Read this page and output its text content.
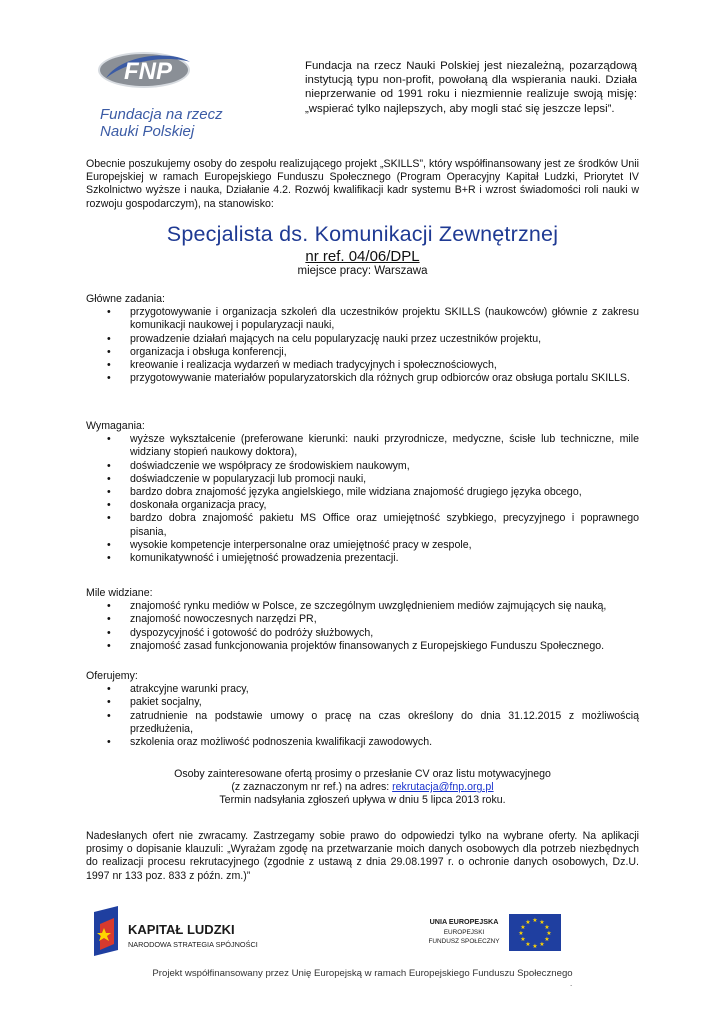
FNP
Fundacja na rzecz
Nauki Polskiej
Fundacja na rzecz Nauki Polskiej jest niezależną, pozarządową instytucją typu non-profit, powołaną dla wspierania nauki. Działa nieprzerwanie od 1991 roku i niezmiennie realizuje swoją misję: „wspierać tylko najlepszych, aby mogli stać się jeszcze lepsi”.
Obecnie poszukujemy osoby do zespołu realizującego projekt „SKILLS”, który współfinansowany jest ze środków Unii Europejskiej w ramach Europejskiego Funduszu Społecznego (Program Operacyjny Kapitał Ludzki, Priorytet IV Szkolnictwo wyższe i nauka, Działanie 4.2. Rozwój kwalifikacji kadr systemu B+R i wzrost świadomości roli nauki w rozwoju gospodarczym), na stanowisko:
Specjalista ds. Komunikacji Zewnętrznej
nr ref. 04/06/DPL
miejsce pracy: Warszawa
Główne zadania:
• przygotowywanie i organizacja szkoleń dla uczestników projektu SKILLS (naukowców) głównie z zakresu komunikacji naukowej i popularyzacji nauki,
• prowadzenie działań mających na celu popularyzację nauki przez uczestników projektu,
• organizacja i obsługa konferencji,
• kreowanie i realizacja wydarzeń w mediach tradycyjnych i społecznościowych,
• przygotowywanie materiałów popularyzatorskich dla różnych grup odbiorców oraz obsługa portalu SKILLS.
Wymagania:
• wyższe wykształcenie (preferowane kierunki: nauki przyrodnicze, medyczne, ścisłe lub techniczne, mile widziany stopień naukowy doktora),
• doświadczenie we współpracy ze środowiskiem naukowym,
• doświadczenie w popularyzacji lub promocji nauki,
• bardzo dobra znajomość języka angielskiego, mile widziana znajomość drugiego języka obcego,
• doskonała organizacja pracy,
• bardzo dobra znajomość pakietu MS Office oraz umiejętność szybkiego, precyzyjnego i poprawnego pisania,
• wysokie kompetencje interpersonalne oraz umiejętność pracy w zespole,
• komunikatywność i umiejętność prowadzenia prezentacji.
Mile widziane:
• znajomość rynku mediów w Polsce, ze szczególnym uwzględnieniem mediów zajmujących się nauką,
• znajomość nowoczesnych narzędzi PR,
• dyspozycyjność i gotowość do podróży służbowych,
• znajomość zasad funkcjonowania projektów finansowanych z Europejskiego Funduszu Społecznego.
Oferujemy:
• atrakcyjne warunki pracy,
• pakiet socjalny,
• zatrudnienie na podstawie umowy o pracę na czas określony do dnia 31.12.2015 z możliwością przedłużenia,
• szkolenia oraz możliwość podnoszenia kwalifikacji zawodowych.
Osoby zainteresowane ofertą prosimy o przesłanie CV oraz listu motywacyjnego
(z zaznaczonym nr ref.) na adres: rekrutacja@fnp.org.pl
Termin nadsyłania zgłoszeń upływa w dniu 5 lipca 2013 roku.
Nadesłanych ofert nie zwracamy. Zastrzegamy sobie prawo do odpowiedzi tylko na wybrane oferty. Na aplikacji prosimy o dopisanie klauzuli: „Wyrażam zgodę na przetwarzanie moich danych osobowych dla potrzeb niezbędnych do realizacji procesu rekrutacyjnego (zgodnie z ustawą z dnia 29.08.1997 r. o ochronie danych osobowych, Dz.U. 1997 nr 133 poz. 833 z późn. zm.)”
KAPITAŁ LUDZKI
NARODOWA STRATEGIA SPÓJNOŚCI
UNIA EUROPEJSKA
EUROPEJSKI
FUNDUSZ SPOŁECZNY
★ ★
★
★
★
★
★
★
★
★
★
★
Projekt współfinansowany przez Unię Europejską w ramach Europejskiego Funduszu Społecznego
.
